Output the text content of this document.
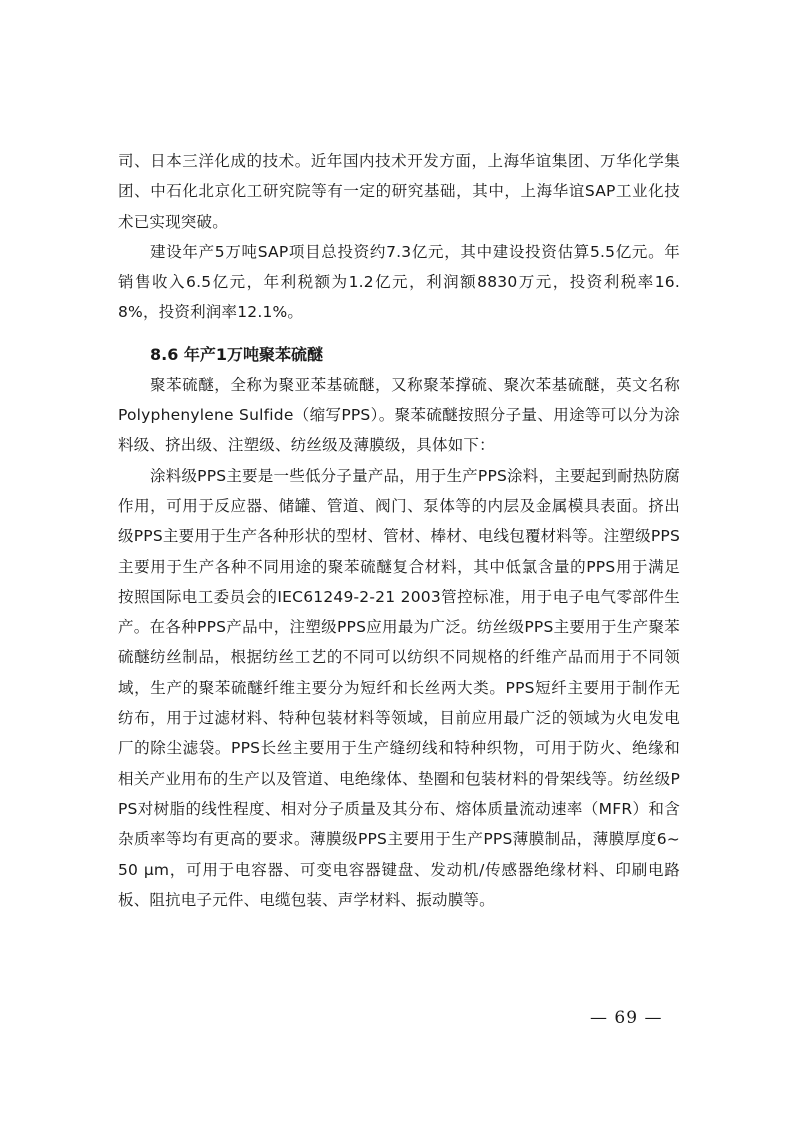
司、日本三洋化成的技术。近年国内技术开发方面，上海华谊集团、万华化学集团、中石化北京化工研究院等有一定的研究基础，其中，上海华谊SAP工业化技术已实现突破。

建设年产5万吨SAP项目总投资约7.3亿元，其中建设投资估算5.5亿元。年销售收入6.5亿元，年利税额为1.2亿元，利润额8830万元，投资利税率16.8%，投资利润率12.1%。

8.6 年产1万吨聚苯硫醚

聚苯硫醚，全称为聚亚苯基硫醚，又称聚苯撑硫、聚次苯基硫醚，英文名称 Polyphenylene Sulfide（缩写PPS）。聚苯硫醚按照分子量、用途等可以分为涂料级、挤出级、注塑级、纺丝级及薄膜级，具体如下：

涂料级PPS主要是一些低分子量产品，用于生产PPS涂料，主要起到耐热防腐作用，可用于反应器、储罐、管道、阀门、泵体等的内层及金属模具表面。挤出级PPS主要用于生产各种形状的型材、管材、棒材、电线包覆材料等。注塑级PPS主要用于生产各种不同用途的聚苯硫醚复合材料，其中低氯含量的PPS用于满足按照国际电工委员会的IEC61249-2-21 2003管控标准，用于电子电气零部件生产。在各种PPS产品中，注塑级PPS应用最为广泛。纺丝级PPS主要用于生产聚苯硫醚纺丝制品，根据纺丝工艺的不同可以纺织不同规格的纤维产品而用于不同领域，生产的聚苯硫醚纤维主要分为短纤和长丝两大类。PPS短纤主要用于制作无纺布，用于过滤材料、特种包装材料等领域，目前应用最广泛的领域为火电发电厂的除尘滤袋。PPS长丝主要用于生产缝纫线和特种织物，可用于防火、绝缘和相关产业用布的生产以及管道、电绝缘体、垫圈和包装材料的骨架线等。纺丝级PPS对树脂的线性程度、相对分子质量及其分布、熔体质量流动速率（MFR）和含杂质率等均有更高的要求。薄膜级PPS主要用于生产PPS薄膜制品，薄膜厚度6~50 μm，可用于电容器、可变电容器键盘、发动机/传感器绝缘材料、印刷电路板、阻抗电子元件、电缆包装、声学材料、振动膜等。

— 69 —
